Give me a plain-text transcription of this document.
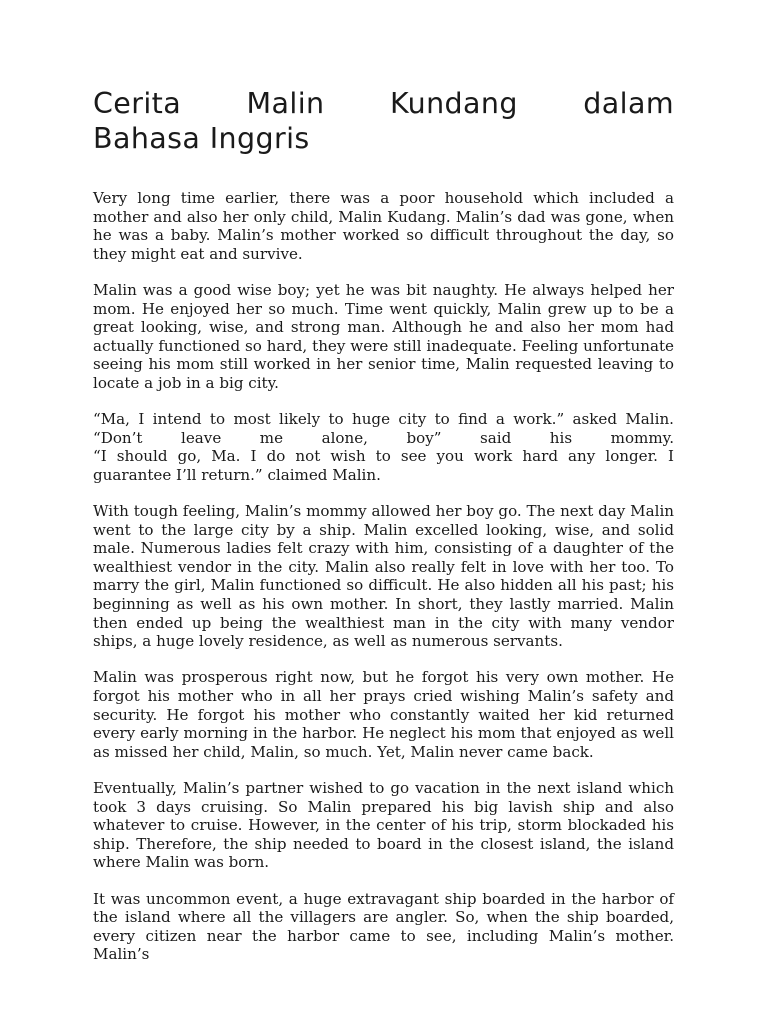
Cerita Malin Kundang dalam
Bahasa Inggris

Very long time earlier, there was a poor household which included a mother and also her only child, Malin Kudang. Malin’s dad was gone, when he was a baby. Malin’s mother worked so difficult throughout the day, so they might eat and survive.

Malin was a good wise boy; yet he was bit naughty. He always helped her mom. He enjoyed her so much. Time went quickly, Malin grew up to be a great looking, wise, and strong man. Although he and also her mom had actually functioned so hard, they were still inadequate. Feeling unfortunate seeing his mom still worked in her senior time, Malin requested leaving to locate a job in a big city.

“Ma, I intend to most likely to huge city to find a work.” asked Malin.
“Don’t leave me alone, boy” said his mommy.
“I should go, Ma. I do not wish to see you work hard any longer. I guarantee I’ll return.” claimed Malin.

With tough feeling, Malin’s mommy allowed her boy go. The next day Malin went to the large city by a ship. Malin excelled looking, wise, and solid male. Numerous ladies felt crazy with him, consisting of a daughter of the wealthiest vendor in the city. Malin also really felt in love with her too. To marry the girl, Malin functioned so difficult. He also hidden all his past; his beginning as well as his own mother. In short, they lastly married. Malin then ended up being the wealthiest man in the city with many vendor ships, a huge lovely residence, as well as numerous servants.

Malin was prosperous right now, but he forgot his very own mother. He forgot his mother who in all her prays cried wishing Malin’s safety and security. He forgot his mother who constantly waited her kid returned every early morning in the harbor. He neglect his mom that enjoyed as well as missed her child, Malin, so much. Yet, Malin never came back.

Eventually, Malin’s partner wished to go vacation in the next island which took 3 days cruising. So Malin prepared his big lavish ship and also whatever to cruise. However, in the center of his trip, storm blockaded his ship. Therefore, the ship needed to board in the closest island, the island where Malin was born.

It was uncommon event, a huge extravagant ship boarded in the harbor of the island where all the villagers are angler. So, when the ship boarded, every citizen near the harbor came to see, including Malin’s mother. Malin’s
